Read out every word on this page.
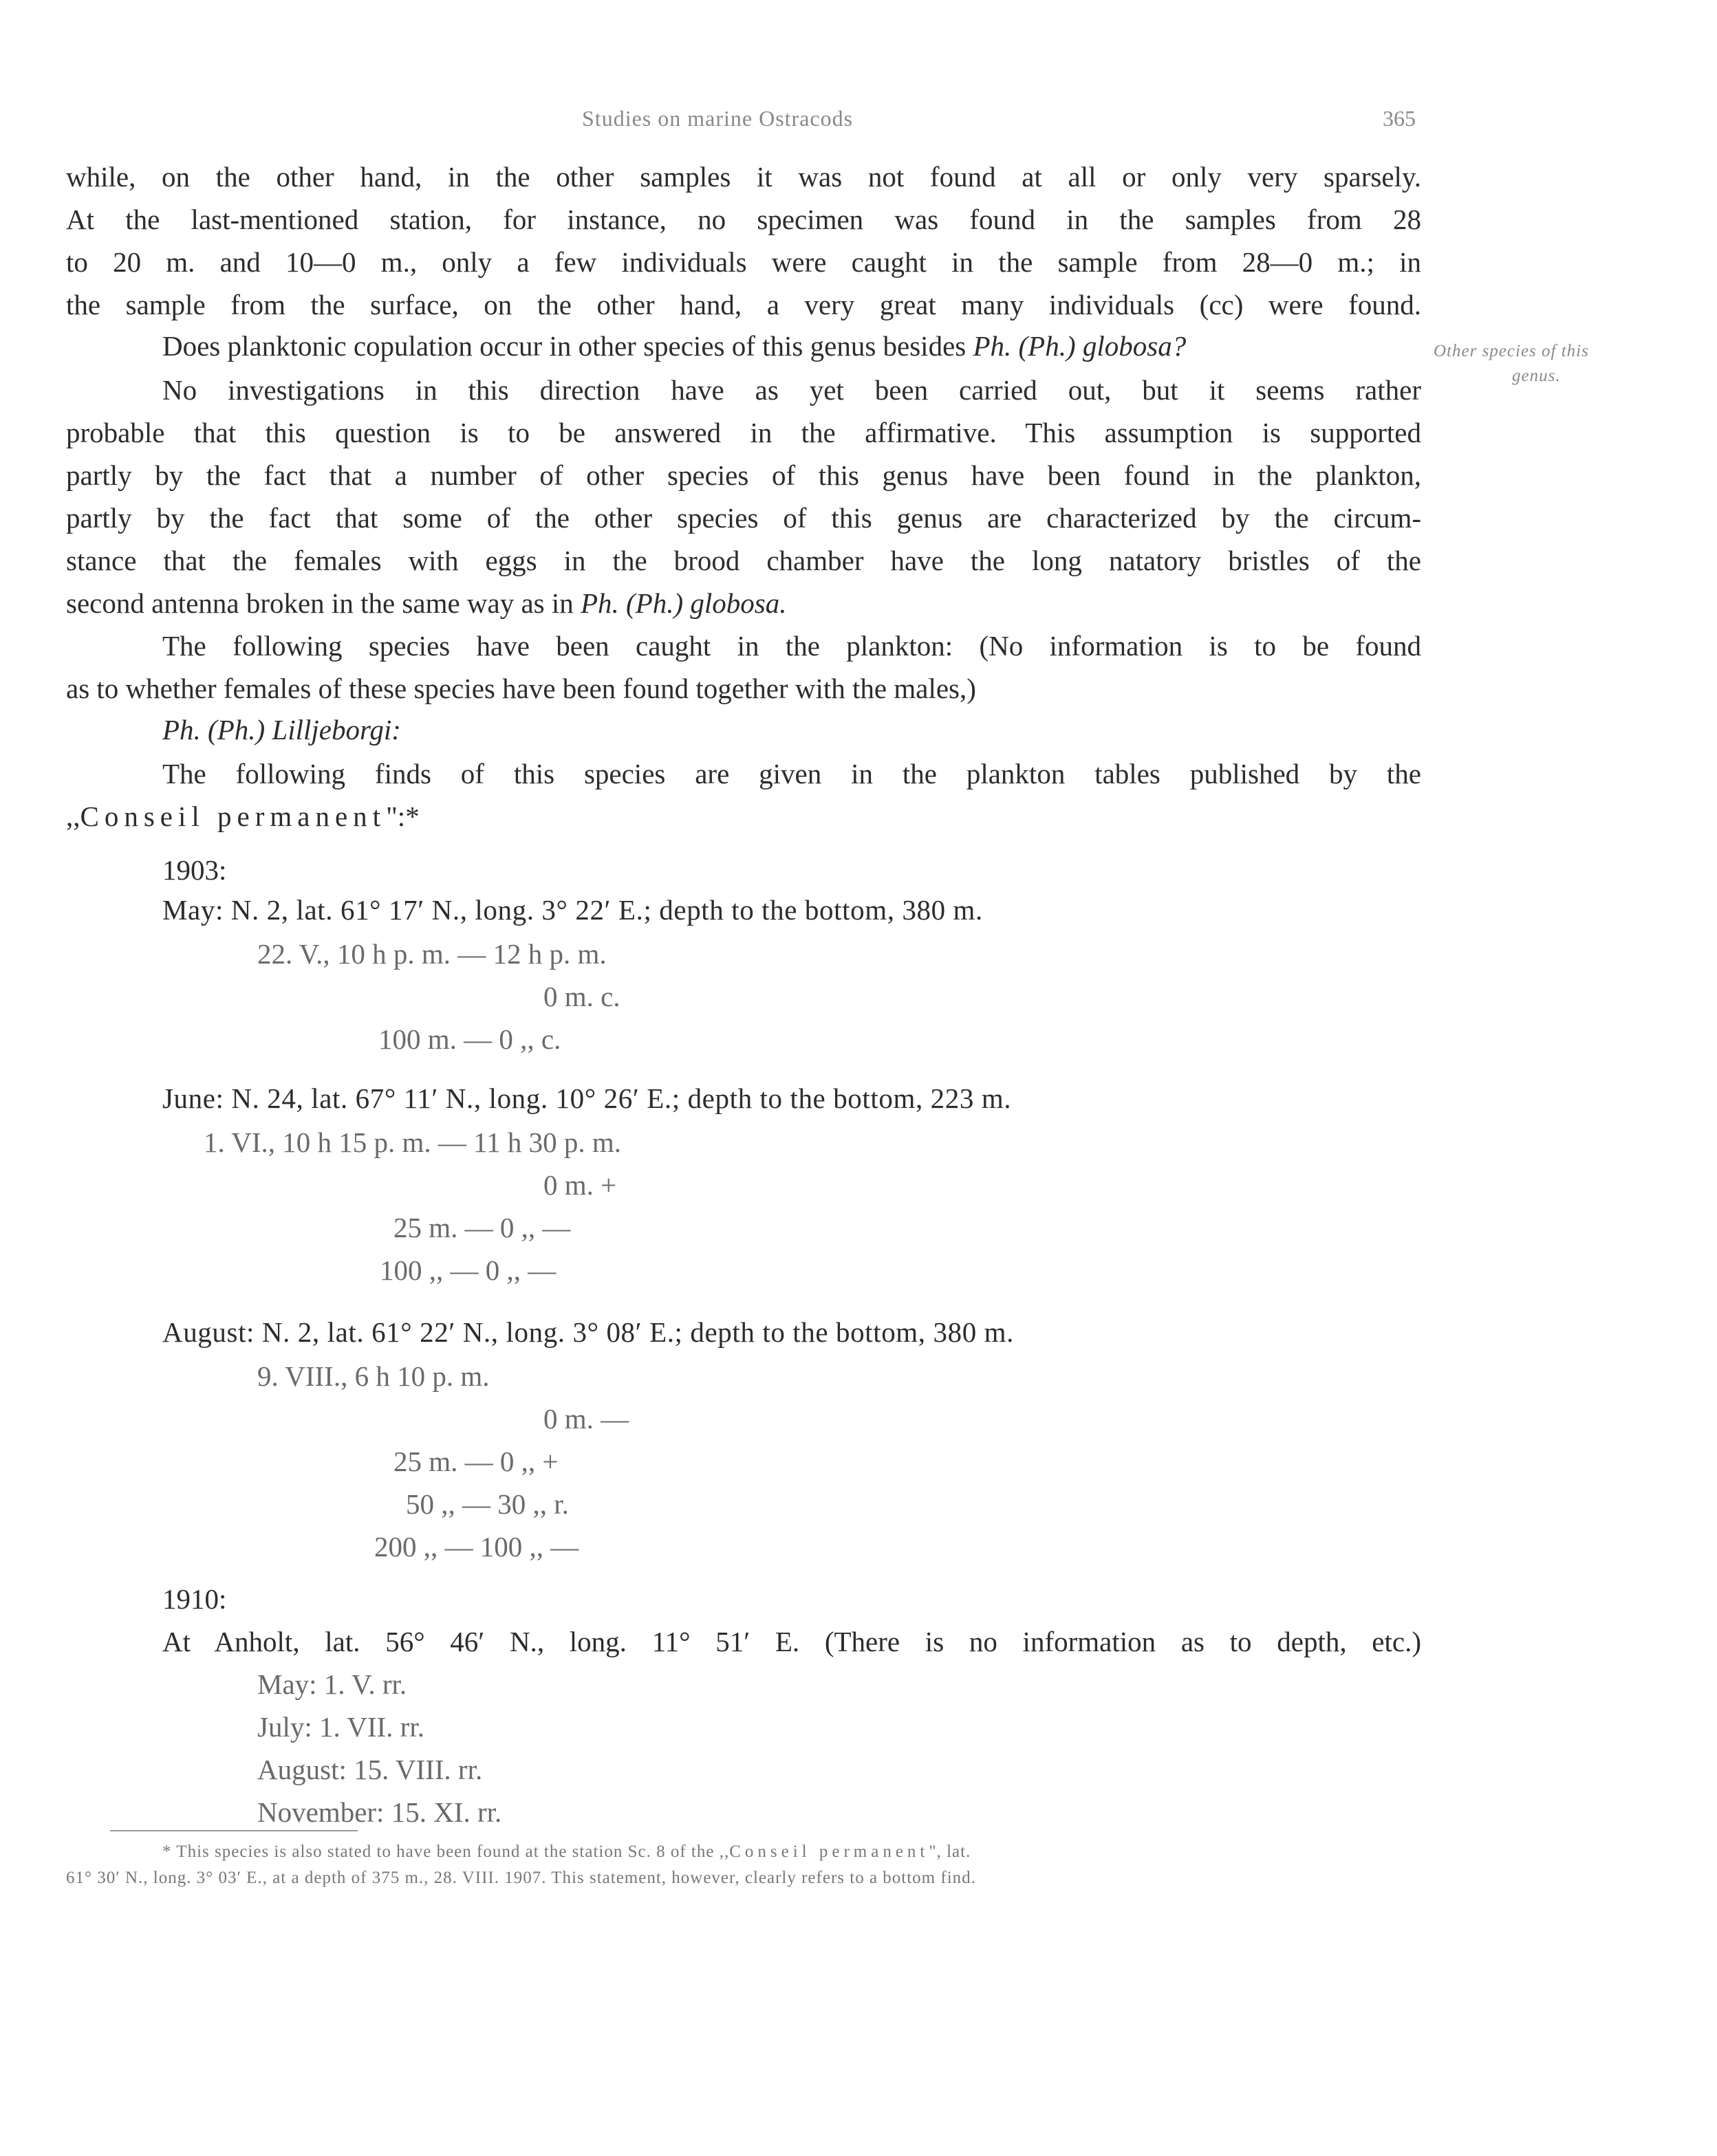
Studies on marine Ostracods	365
while, on the other hand, in the other samples it was not found at all or only very sparsely.
At the last-mentioned station, for instance, no specimen was found in the samples from 28
to 20 m. and 10—0 m., only a few individuals were caught in the sample from 28—0 m.; in
the sample from the surface, on the other hand, a very great many individuals (cc) were found.
Does planktonic copulation occur in other species of this genus besides Ph. (Ph.) globosa?	Other species of this
genus.
No investigations in this direction have as yet been carried out, but it seems rather
probable that this question is to be answered in the affirmative. This assumption is supported
partly by the fact that a number of other species of this genus have been found in the plankton,
partly by the fact that some of the other species of this genus are characterized by the circum-
stance that the females with eggs in the brood chamber have the long natatory bristles of the
second antenna broken in the same way as in Ph. (Ph.) globosa.
The following species have been caught in the plankton: (No information is to be found
as to whether females of these species have been found together with the males,)
Ph. (Ph.) Lilljeborgi:
The following finds of this species are given in the plankton tables published by the
,,Conseil permanent":*
1903:
May: N. 2, lat. 61° 17′ N., long. 3° 22′ E.; depth to the bottom, 380 m.
22. V., 10 h p. m. — 12 h p. m.
0 m. c.
100 m. — 0 ,, c.
June: N. 24, lat. 67° 11′ N., long. 10° 26′ E.; depth to the bottom, 223 m.
1. VI., 10 h 15 p. m. — 11 h 30 p. m.
0 m. +
25 m. — 0 ,, —
100 ,, — 0 ,, —
August: N. 2, lat. 61° 22′ N., long. 3° 08′ E.; depth to the bottom, 380 m.
9. VIII., 6 h 10 p. m.
0 m. —
25 m. — 0 ,, +
50 ,, — 30 ,, r.
200 ,, — 100 ,, —
1910:
At Anholt, lat. 56° 46′ N., long. 11° 51′ E. (There is no information as to depth, etc.)
May: 1. V. rr.
July: 1. VII. rr.
August: 15. VIII. rr.
November: 15. XI. rr.
* This species is also stated to have been found at the station Sc. 8 of the ,,Conseil permanent", lat.
61° 30′ N., long. 3° 03′ E., at a depth of 375 m., 28. VIII. 1907. This statement, however, clearly refers to a bottom find.
